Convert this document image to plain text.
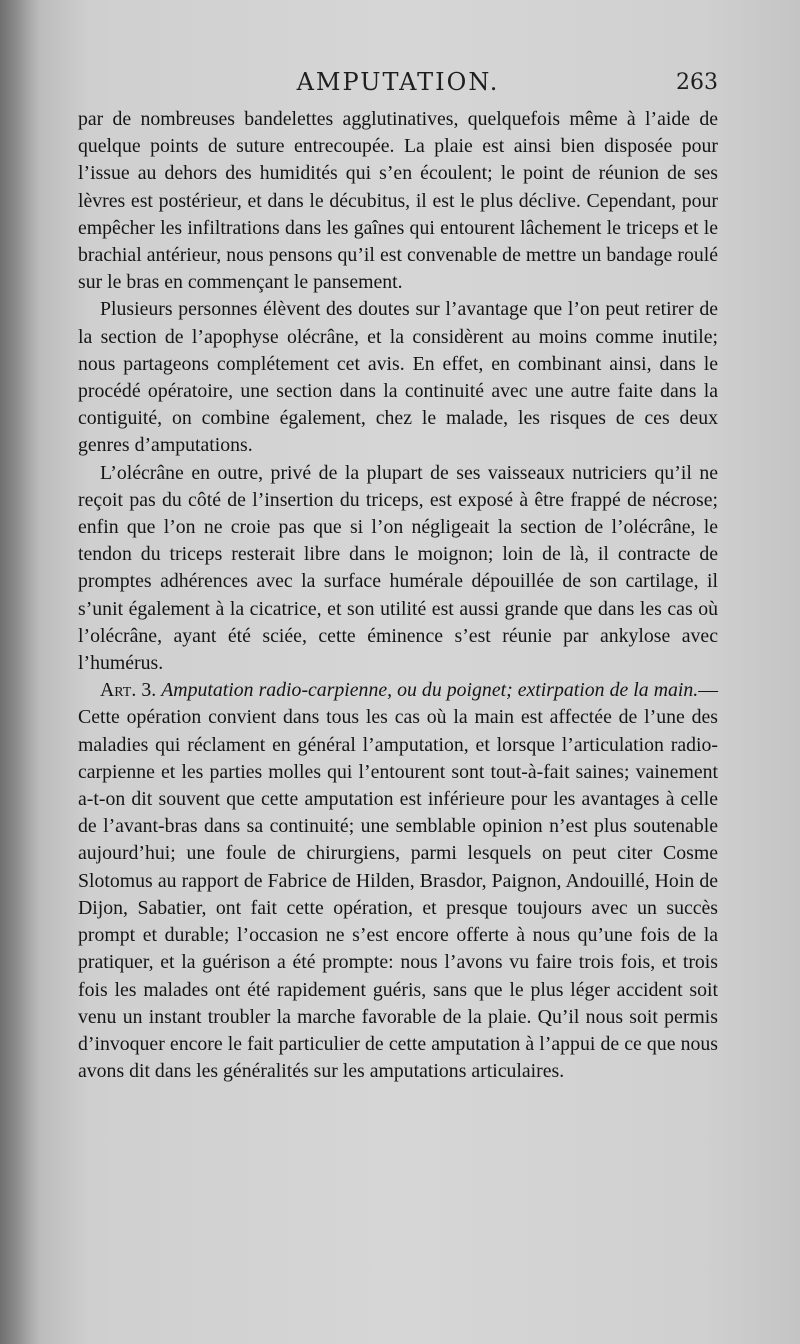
AMPUTATION.	263

par de nombreuses bandelettes agglutinatives, quelquefois même à l’aide de quelque points de suture entrecoupée. La plaie est ainsi bien disposée pour l’issue au dehors des humidités qui s’en écoulent; le point de réunion de ses lèvres est postérieur, et dans le décubitus, il est le plus déclive. Cependant, pour empêcher les infiltrations dans les gaînes qui entourent lâchement le triceps et le brachial antérieur, nous pensons qu’il est convenable de mettre un bandage roulé sur le bras en commençant le pansement.

Plusieurs personnes élèvent des doutes sur l’avantage que l’on peut retirer de la section de l’apophyse olécrâne, et la considèrent au moins comme inutile; nous partageons complétement cet avis. En effet, en combinant ainsi, dans le procédé opératoire, une section dans la continuité avec une autre faite dans la contiguité, on combine également, chez le malade, les risques de ces deux genres d’amputations.

L’olécrâne en outre, privé de la plupart de ses vaisseaux nutriciers qu’il ne reçoit pas du côté de l’insertion du triceps, est exposé à être frappé de nécrose; enfin que l’on ne croie pas que si l’on négligeait la section de l’olécrâne, le tendon du triceps resterait libre dans le moignon; loin de là, il contracte de promptes adhérences avec la surface humérale dépouillée de son cartilage, il s’unit également à la cicatrice, et son utilité est aussi grande que dans les cas où l’olécrâne, ayant été sciée, cette éminence s’est réunie par ankylose avec l’humérus.

Art. 3. Amputation radio-carpienne, ou du poignet; extirpation de la main.—Cette opération convient dans tous les cas où la main est affectée de l’une des maladies qui réclament en général l’amputation, et lorsque l’articulation radio-carpienne et les parties molles qui l’entourent sont tout-à-fait saines; vainement a-t-on dit souvent que cette amputation est inférieure pour les avantages à celle de l’avant-bras dans sa continuité; une semblable opinion n’est plus soutenable aujourd’hui; une foule de chirurgiens, parmi lesquels on peut citer Cosme Slotomus au rapport de Fabrice de Hilden, Brasdor, Paignon, Andouillé, Hoin de Dijon, Sabatier, ont fait cette opération, et presque toujours avec un succès prompt et durable; l’occasion ne s’est encore offerte à nous qu’une fois de la pratiquer, et la guérison a été prompte: nous l’avons vu faire trois fois, et trois fois les malades ont été rapidement guéris, sans que le plus léger accident soit venu un instant troubler la marche favorable de la plaie. Qu’il nous soit permis d’invoquer encore le fait particulier de cette amputation à l’appui de ce que nous avons dit dans les généralités sur les amputations articulaires.
